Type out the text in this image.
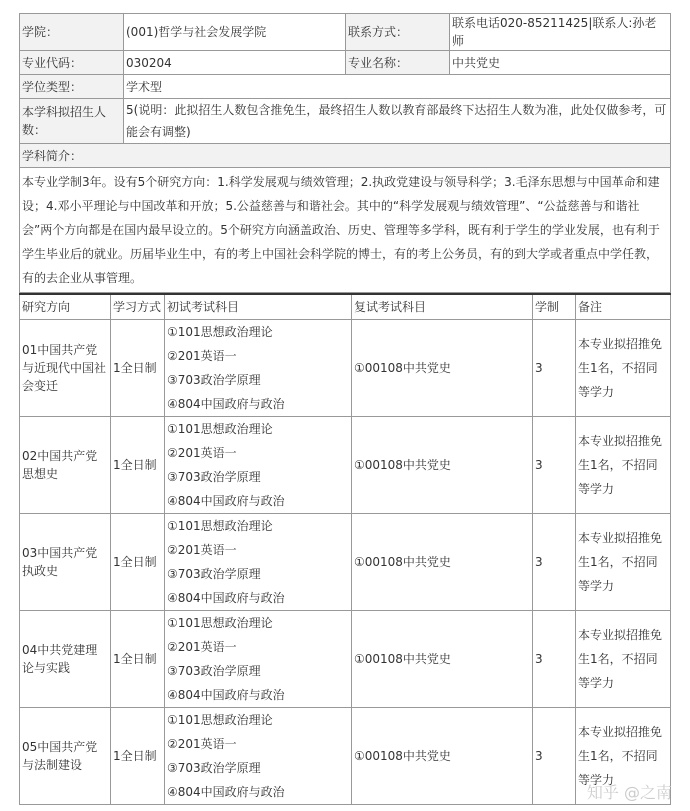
学院：	(001)哲学与社会发展学院	联系方式：	联系电话020-85211425|联系人:孙老师
专业代码：	030204	专业名称：	中共党史
学位类型：	学术型		
本学科拟招生人数：	5(说明：此拟招生人数包含推免生，最终招生人数以教育部最终下达招生人数为准，此处仅做参考，可能会有调整)		
学科简介：			
本专业学制3年。设有5个研究方向：1.科学发展观与绩效管理；2.执政党建设与领导科学；3.毛泽东思想与中国革命和建设；4.邓小平理论与中国改革和开放；5.公益慈善与和谐社会。其中的“科学发展观与绩效管理”、“公益慈善与和谐社会”两个方向都是在国内最早设立的。5个研究方向涵盖政治、历史、管理等多学科，既有利于学生的学业发展，也有利于学生毕业后的就业。历届毕业生中，有的考上中国社会科学院的博士，有的考上公务员，有的到大学或者重点中学任教，有的去企业从事管理。			
研究方向	学习方式	初试考试科目	复试考试科目	学制	备注
01中国共产党与近现代中国社会变迁	1全日制	①101思想政治理论
②201英语一
③703政治学原理
④804中国政府与政治	①00108中共党史	3	本专业拟招推免生1名，不招同等学力
02中国共产党思想史	1全日制	①101思想政治理论
②201英语一
③703政治学原理
④804中国政府与政治	①00108中共党史	3	本专业拟招推免生1名，不招同等学力
03中国共产党执政史	1全日制	①101思想政治理论
②201英语一
③703政治学原理
④804中国政府与政治	①00108中共党史	3	本专业拟招推免生1名，不招同等学力
04中共党建理论与实践	1全日制	①101思想政治理论
②201英语一
③703政治学原理
④804中国政府与政治	①00108中共党史	3	本专业拟招推免生1名，不招同等学力
05中国共产党与法制建设	1全日制	①101思想政治理论
②201英语一
③703政治学原理
④804中国政府与政治	①00108中共党史	3	本专业拟招推免生1名，不招同等学力
知乎 @之南
